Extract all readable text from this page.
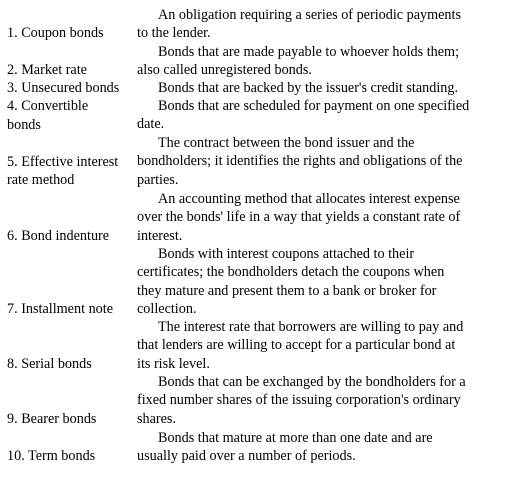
1. Coupon bonds
2. Market rate
3. Unsecured bonds
4. Convertible
bonds
5. Effective interest
rate method
6. Bond indenture
7. Installment note
8. Serial bonds
9. Bearer bonds
10. Term bonds
An obligation requiring a series of periodic payments
to the lender.
Bonds that are made payable to whoever holds them;
also called unregistered bonds.
Bonds that are backed by the issuer's credit standing.
Bonds that are scheduled for payment on one specified
date.
The contract between the bond issuer and the
bondholders; it identifies the rights and obligations of the
parties.
An accounting method that allocates interest expense
over the bonds' life in a way that yields a constant rate of
interest.
Bonds with interest coupons attached to their
certificates; the bondholders detach the coupons when
they mature and present them to a bank or broker for
collection.
The interest rate that borrowers are willing to pay and
that lenders are willing to accept for a particular bond at
its risk level.
Bonds that can be exchanged by the bondholders for a
fixed number shares of the issuing corporation's ordinary
shares.
Bonds that mature at more than one date and are
usually paid over a number of periods.
